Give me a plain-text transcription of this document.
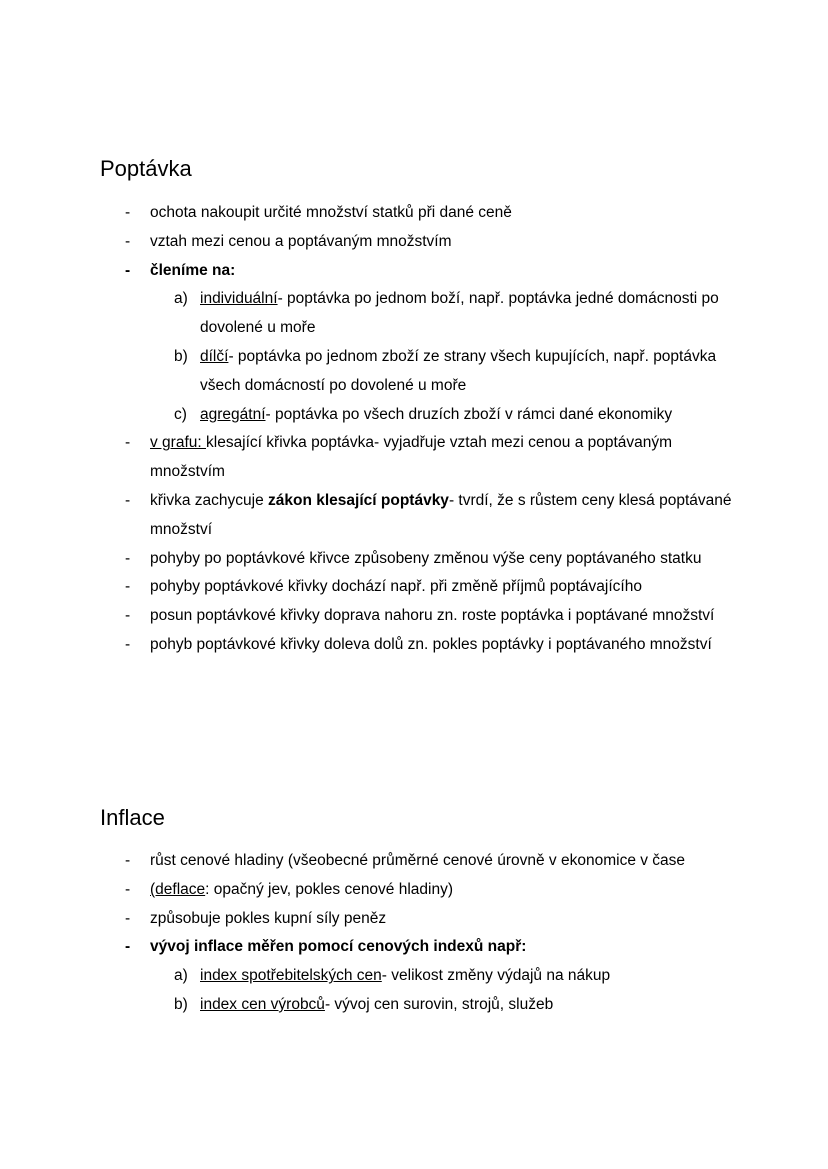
Poptávka
- ochota nakoupit určité množství statků při dané ceně
- vztah mezi cenou a poptávaným množstvím
- členíme na:
a) individuální- poptávka po jednom boží, např. poptávka jedné domácnosti po dovolené u moře
b) dílčí- poptávka po jednom zboží ze strany všech kupujících, např. poptávka všech domácností po dovolené u moře
c) agregátní- poptávka po všech druzích zboží v rámci dané ekonomiky
- v grafu: klesající křivka poptávka- vyjadřuje vztah mezi cenou a poptávaným množstvím
- křivka zachycuje zákon klesající poptávky- tvrdí, že s růstem ceny klesá poptávané množství
- pohyby po poptávkové křivce způsobeny změnou výše ceny poptávaného statku
- pohyby poptávkové křivky dochází např. při změně příjmů poptávajícího
- posun poptávkové křivky doprava nahoru zn. roste poptávka i poptávané množství
- pohyb poptávkové křivky doleva dolů zn. pokles poptávky i poptávaného množství
Inflace
- růst cenové hladiny (všeobecné průměrné cenové úrovně v ekonomice v čase
- (deflace: opačný jev, pokles cenové hladiny)
- způsobuje pokles kupní síly peněz
- vývoj inflace měřen pomocí cenových indexů např:
a) index spotřebitelských cen- velikost změny výdajů na nákup
b) index cen výrobců- vývoj cen surovin, strojů, služeb
